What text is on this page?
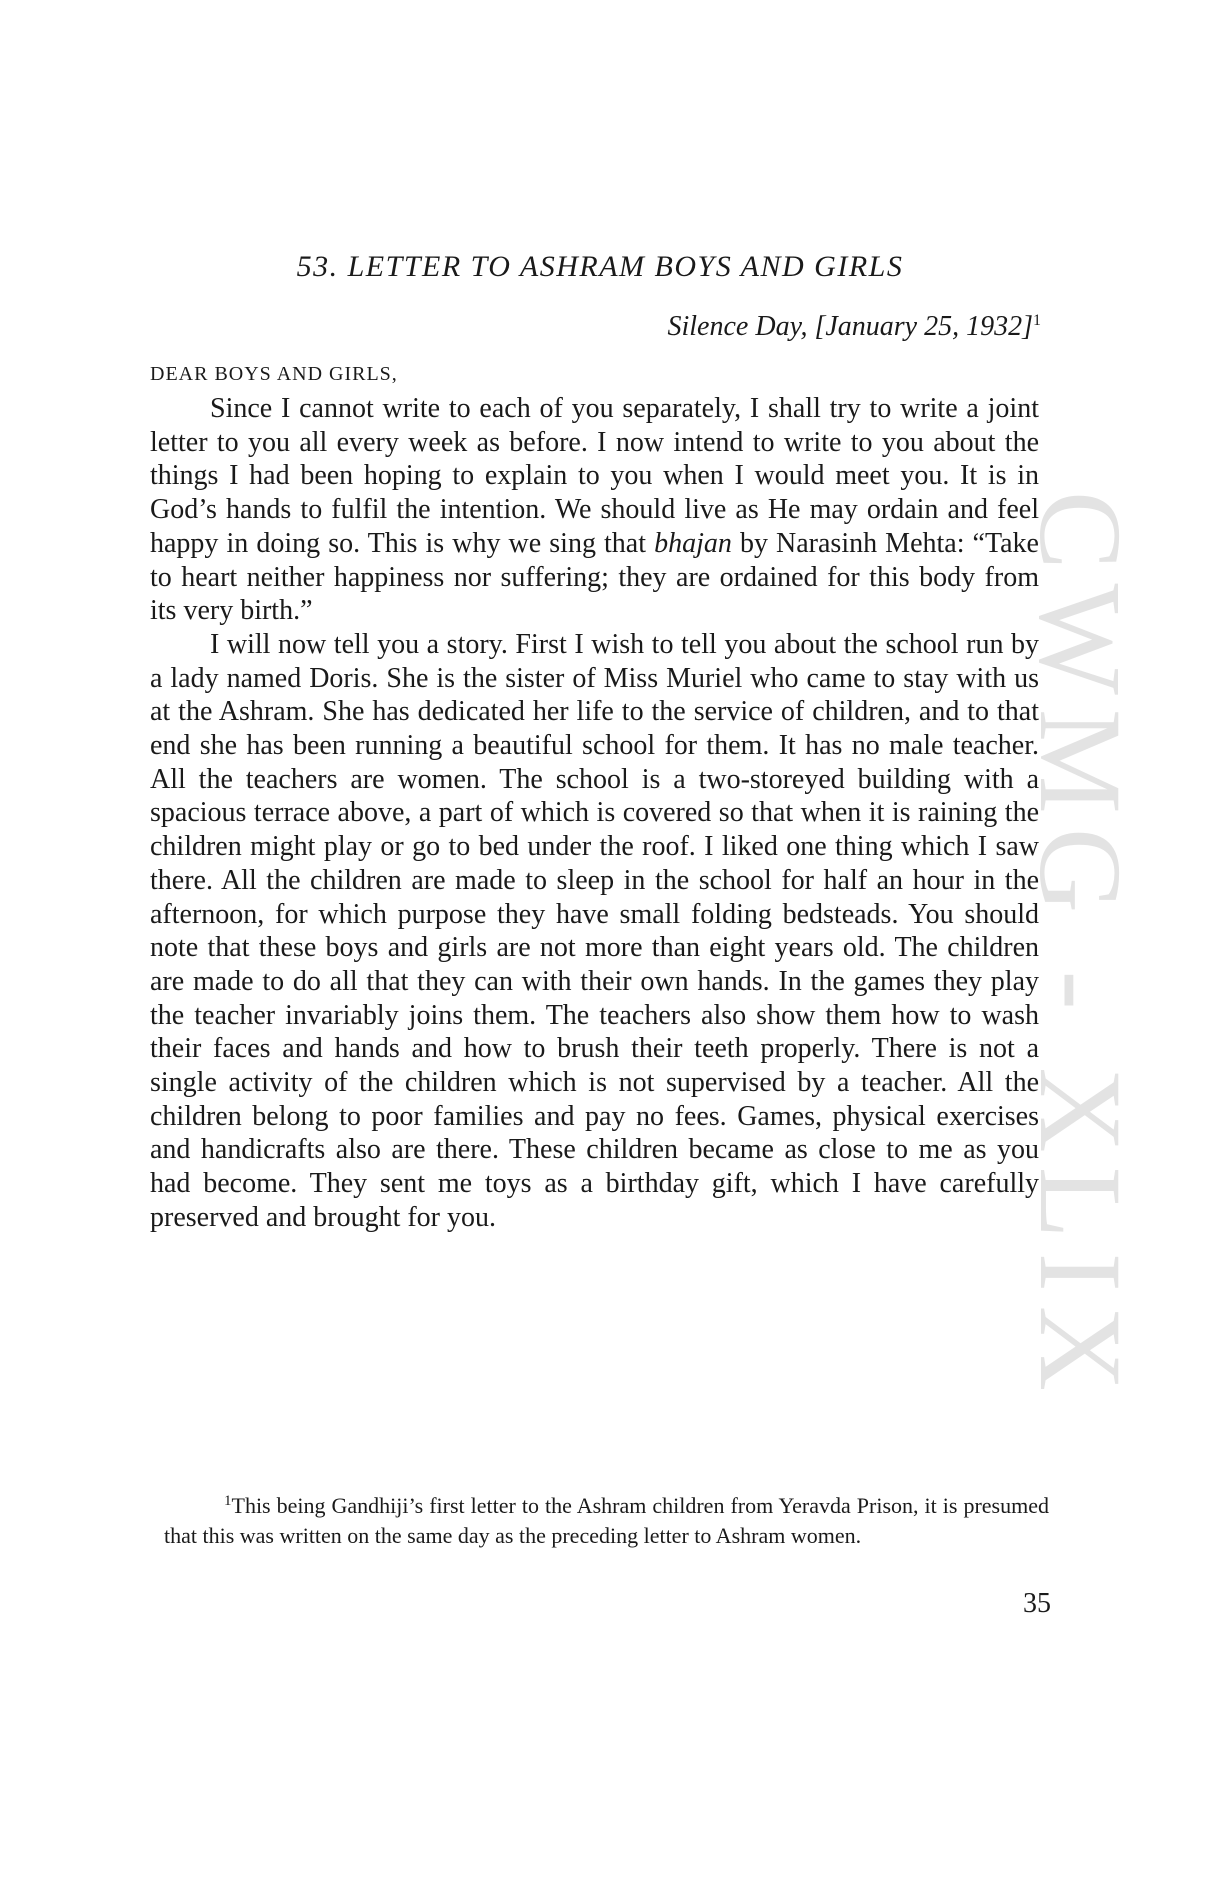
53. LETTER TO ASHRAM BOYS AND GIRLS

Silence Day, [January 25, 1932]$^1$

DEAR BOYS AND GIRLS,

Since I cannot write to each of you separately, I shall try to write a joint letter to you all every week as before. I now intend to write to you about the things I had been hoping to explain to you when I would meet you. It is in God’s hands to fulfil the intention. We should live as He may ordain and feel happy in doing so. This is why we sing that bhajan by Narasinh Mehta: “Take to heart neither happiness nor suffering; they are ordained for this body from its very birth.”

I will now tell you a story. First I wish to tell you about the school run by a lady named Doris. She is the sister of Miss Muriel who came to stay with us at the Ashram. She has dedicated her life to the service of children, and to that end she has been running a beautiful school for them. It has no male teacher. All the teachers are women. The school is a two-storeyed building with a spacious terrace above, a part of which is covered so that when it is raining the children might play or go to bed under the roof. I liked one thing which I saw there. All the children are made to sleep in the school for half an hour in the afternoon, for which purpose they have small folding bedsteads. You should note that these boys and girls are not more than eight years old. The children are made to do all that they can with their own hands. In the games they play the teacher invariably joins them. The teachers also show them how to wash their faces and hands and how to brush their teeth properly. There is not a single activity of the children which is not supervised by a teacher. All the children belong to poor families and pay no fees. Games, physical exercises and handicrafts also are there. These children became as close to me as you had become. They sent me toys as a birthday gift, which I have carefully preserved and brought for you.

$^1$This being Gandhiji’s first letter to the Ashram children from Yeravda Prison, it is presumed that this was written on the same day as the preceding letter to Ashram women.

35

CWMG - XLIX
